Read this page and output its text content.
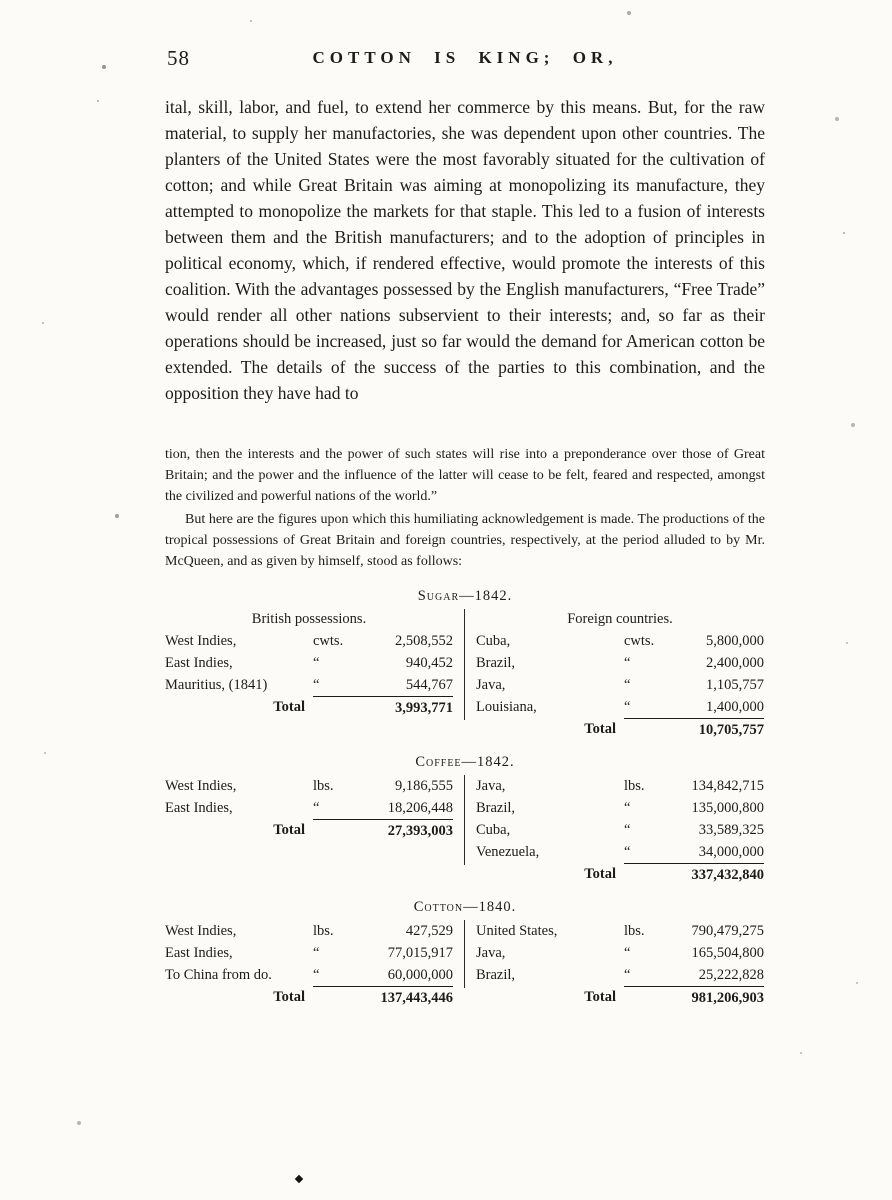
58	COTTON IS KING; OR,

ital, skill, labor, and fuel, to extend her commerce by this means. But, for the raw material, to supply her manufactories, she was dependent upon other countries. The planters of the United States were the most favorably situated for the cultivation of cotton; and while Great Britain was aiming at monopolizing its manufacture, they attempted to monopolize the markets for that staple. This led to a fusion of interests between them and the British manufacturers; and to the adoption of principles in political economy, which, if rendered effective, would promote the interests of this coalition. With the advantages possessed by the English manufacturers, “Free Trade” would render all other nations subservient to their interests; and, so far as their operations should be increased, just so far would the demand for American cotton be extended. The details of the success of the parties to this combination, and the opposition they have had to

tion, then the interests and the power of such states will rise into a preponderance over those of Great Britain; and the power and the influence of the latter will cease to be felt, feared and respected, amongst the civilized and powerful nations of the world.”

But here are the figures upon which this humiliating acknowledgement is made. The productions of the tropical possessions of Great Britain and foreign countries, respectively, at the period alluded to by Mr. McQueen, and as given by himself, stood as follows:

Sugar—1842.
British possessions.
West Indies,	cwts.	2,508,552
East Indies,	“	940,452
Mauritius, (1841)	“	544,767
Total	3,993,771
Foreign countries.
Cuba,	cwts.	5,800,000
Brazil,	“	2,400,000
Java,	“	1,105,757
Louisiana,	“	1,400,000
Total	10,705,757
Coffee—1842.
West Indies,	lbs.	9,186,555
East Indies,	“	18,206,448
Total	27,393,003
Java,	lbs.	134,842,715
Brazil,	“	135,000,800
Cuba,	“	33,589,325
Venezuela,	“	34,000,000
Total	337,432,840
Cotton—1840.
West Indies,	lbs.	427,529
East Indies,	“	77,015,917
To China from do.	“	60,000,000
Total	137,443,446
United States,	lbs.	790,479,275
Java,	“	165,504,800
Brazil,	“	25,222,828
Total	981,206,903
